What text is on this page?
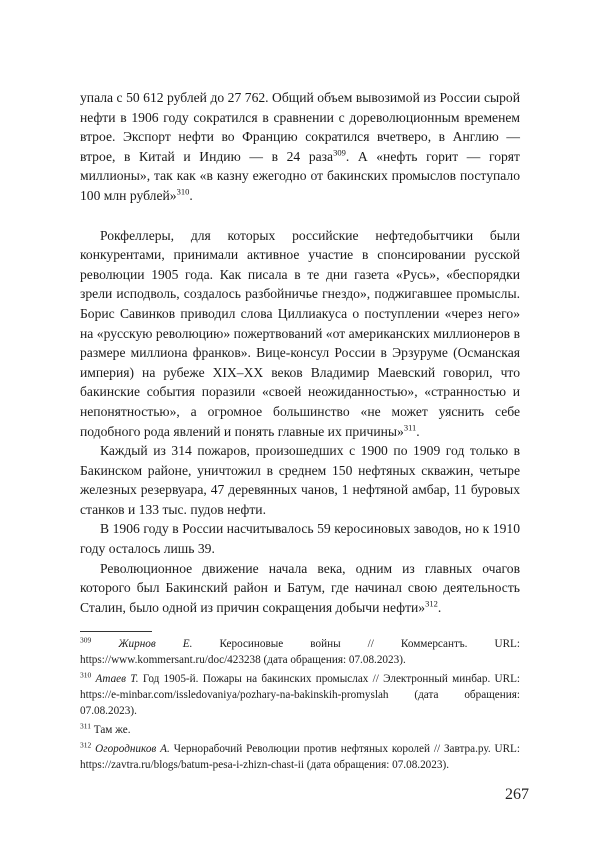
упала с 50 612 рублей до 27 762. Общий объем вывозимой из России сырой нефти в 1906 году сократился в сравнении с дореволюционным временем втрое. Экспорт нефти во Францию сократился вчетверо, в Англию — втрое, в Китай и Индию — в 24 раза$^{309}$. А «нефть горит — горят миллионы», так как «в казну ежегодно от бакинских промыслов поступало 100 млн рублей»$^{310}$.

Рокфеллеры, для которых российские нефтедобытчики были конкурентами, принимали активное участие в спонсировании русской революции 1905 года. Как писала в те дни газета «Русь», «беспорядки зрели исподволь, создалось разбойничье гнездо», поджигавшее промыслы. Борис Савинков приводил слова Циллиакуса о поступлении «через него» на «русскую революцию» пожертвований «от американских миллионеров в размере миллиона франков». Вице-консул России в Эрзуруме (Османская империя) на рубеже XIX–XX веков Владимир Маевский говорил, что бакинские события поразили «своей неожиданностью», «странностью и непонятностью», а огромное большинство «не может уяснить себе подобного рода явлений и понять главные их причины»$^{311}$.

Каждый из 314 пожаров, произошедших с 1900 по 1909 год только в Бакинском районе, уничтожил в среднем 150 нефтяных скважин, четыре железных резервуара, 47 деревянных чанов, 1 нефтяной амбар, 11 буровых станков и 133 тыс. пудов нефти.

В 1906 году в России насчитывалось 59 керосиновых заводов, но к 1910 году осталось лишь 39.

Революционное движение начала века, одним из главных очагов которого был Бакинский район и Батум, где начинал свою деятельность Сталин, было одной из причин сокращения добычи нефти»$^{312}$.

$^{309}$ Жирнов Е. Керосиновые войны // Коммерсантъ. URL: https://www.kommersant.ru/doc/423238 (дата обращения: 07.08.2023).

$^{310}$ Атаев Т. Год 1905-й. Пожары на бакинских промыслах // Электронный минбар. URL: https://e-minbar.com/issledovaniya/pozhary-na-bakinskih-promyslah (дата обращения: 07.08.2023).

$^{311}$ Там же.

$^{312}$ Огородников А. Чернорабочий Революции против нефтяных королей // Завтра.ру. URL: https://zavtra.ru/blogs/batum-pesa-i-zhizn-chast-ii (дата обращения: 07.08.2023).

267
